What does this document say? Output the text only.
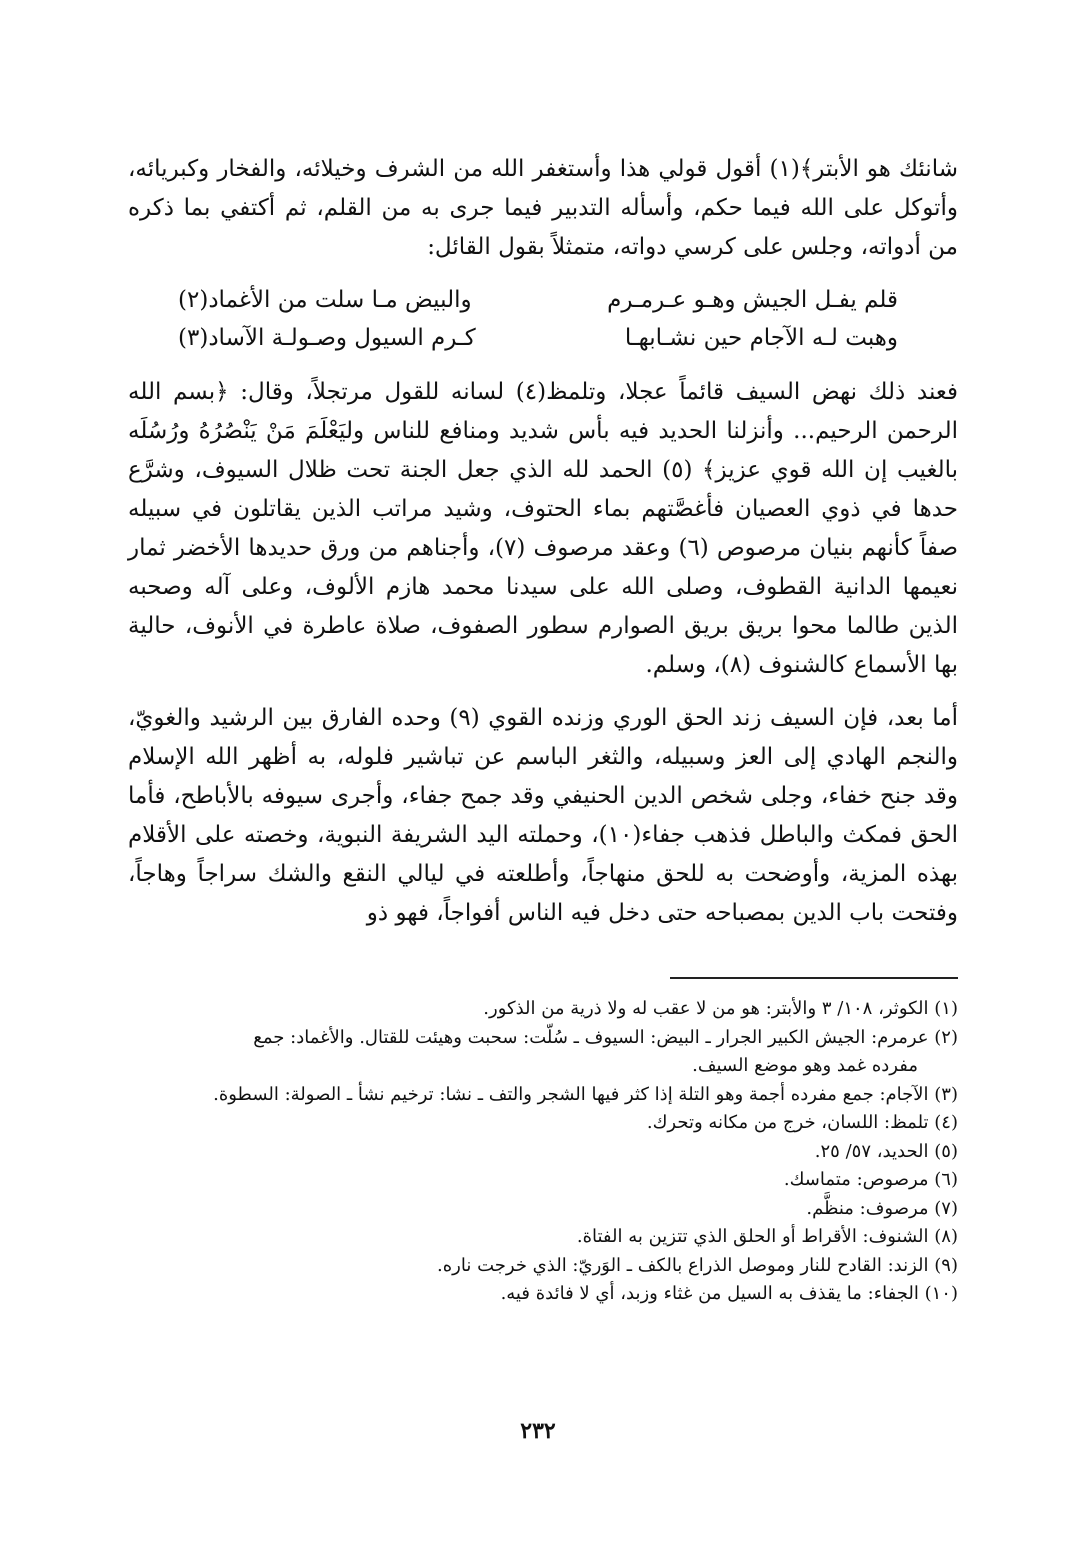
شانئك هو الأبتر﴾(١) أقول قولي هذا وأستغفر الله من الشرف وخيلائه، والفخار وكبريائه، وأتوكل على الله فيما حكم، وأسأله التدبير فيما جرى به من القلم، ثم أكتفي بما ذكره من أدواته، وجلس على كرسي دواته، متمثلاً بقول القائل:

قلم يفـل الجيش وهـو عـرمـرم
والبيض مـا سلت من الأغماد(٢)
وهبت لـه الآجام حين نشـابهـا
كـرم السيول وصـولـة الآساد(٣)

فعند ذلك نهض السيف قائماً عجلا، وتلمظ(٤) لسانه للقول مرتجلاً، وقال: ﴿بسم الله الرحمن الرحيم... وأنزلنا الحديد فيه بأس شديد ومنافع للناس وليَعْلَمَ مَنْ يَنْصُرُهُ ورُسُلَه بالغيب إن الله قوي عزيز﴾ (٥) الحمد لله الذي جعل الجنة تحت ظلال السيوف، وشرَّع حدها في ذوي العصيان فأغصَّتهم بماء الحتوف، وشيد مراتب الذين يقاتلون في سبيله صفاً كأنهم بنيان مرصوص (٦) وعقد مرصوف (٧)، وأجناهم من ورق حديدها الأخضر ثمار نعيمها الدانية القطوف، وصلى الله على سيدنا محمد هازم الألوف، وعلى آله وصحبه الذين طالما محوا بريق بريق الصوارم سطور الصفوف، صلاة عاطرة في الأنوف، حالية بها الأسماع كالشنوف (٨)، وسلم.

أما بعد، فإن السيف زند الحق الوري وزنده القوي (٩) وحده الفارق بين الرشيد والغويّ، والنجم الهادي إلى العز وسبيله، والثغر الباسم عن تباشير فلوله، به أظهر الله الإسلام وقد جنح خفاء، وجلى شخص الدين الحنيفي وقد جمح جفاء، وأجرى سيوفه بالأباطح، فأما الحق فمكث والباطل فذهب جفاء(١٠)، وحملته اليد الشريفة النبوية، وخصته على الأقلام بهذه المزية، وأوضحت به للحق منهاجاً، وأطلعته في ليالي النقع والشك سراجاً وهاجاً، وفتحت باب الدين بمصباحه حتى دخل فيه الناس أفواجاً، فهو ذو

(١) الكوثر، ١٠٨/ ٣ والأبتر: هو من لا عقب له ولا ذرية من الذكور.

(٢) عرمرم: الجيش الكبير الجرار ـ البيض: السيوف ـ سُلّت: سحبت وهيئت للقتال. والأغماد: جمع

مفرده غمد وهو موضع السيف.

(٣) الآجام: جمع مفرده أجمة وهو التلة إذا كثر فيها الشجر والتف ـ نشا: ترخيم نشأ ـ الصولة: السطوة.

(٤) تلمظ: اللسان، خرج من مكانه وتحرك.

(٥) الحديد، ٥٧/ ٢٥.

(٦) مرصوص: متماسك.

(٧) مرصوف: منظَّم.

(٨) الشنوف: الأقراط أو الحلق الذي تتزين به الفتاة.

(٩) الزند: القادح للنار وموصل الذراع بالكف ـ الوَريّ: الذي خرجت ناره.

(١٠) الجفاء: ما يقذف به السيل من غثاء وزبد، أي لا فائدة فيه.

٢٣٢
